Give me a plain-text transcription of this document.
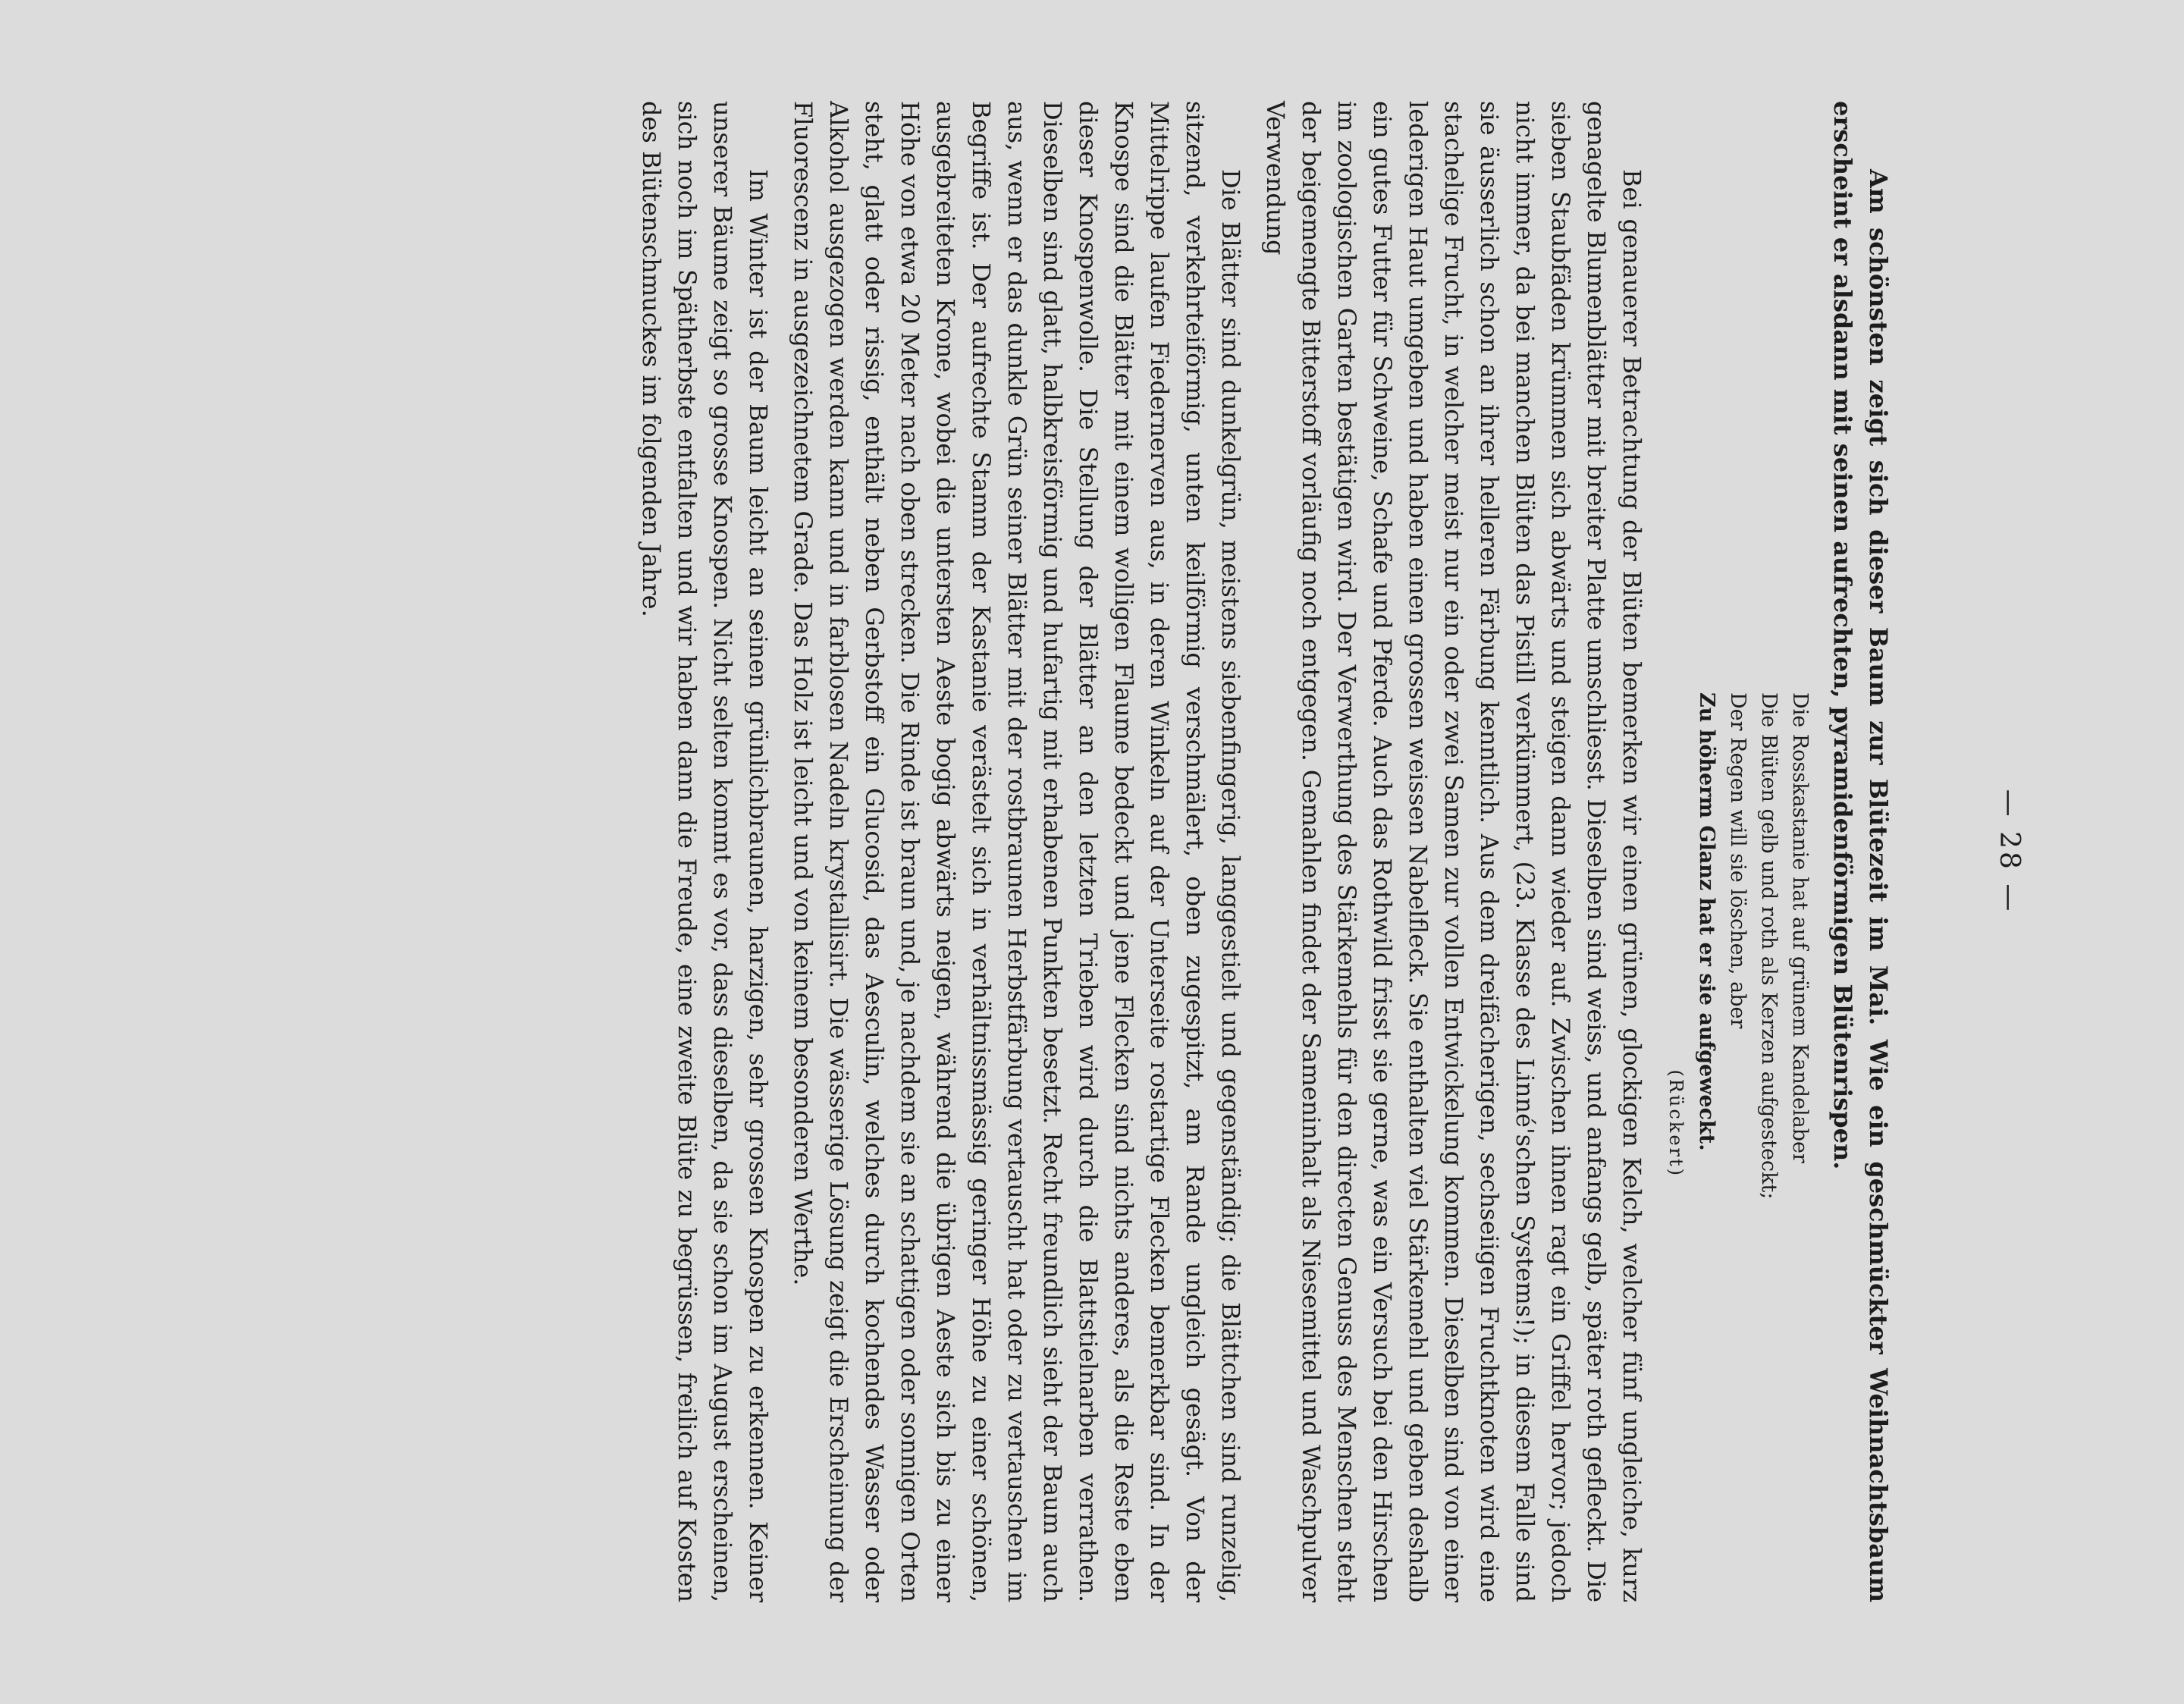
— 28 —

Am schönsten zeigt sich dieser Baum zur Blütezeit im Mai. Wie ein geschmückter Weihnachtsbaum erscheint er alsdann mit seinen aufrechten, pyramidenförmigen Blütenrispen.

Die Rosskastanie hat auf grünem Kandelaber
Die Blüten gelb und roth als Kerzen aufgesteckt;
Der Regen will sie löschen, aber
Zu höherm Glanz hat er sie aufgeweckt.
(Rückert)

Bei genauerer Betrachtung der Blüten bemerken wir einen grünen, glockigen Kelch, welcher fünf ungleiche, kurz genagelte Blumenblätter mit breiter Platte umschliesst. Dieselben sind weiss, und anfangs gelb, später roth gefleckt. Die sieben Staubfäden krümmen sich abwärts und steigen dann wieder auf. Zwischen ihnen ragt ein Griffel hervor; jedoch nicht immer, da bei manchen Blüten das Pistill verkümmert, (23. Klasse des Linné'schen Systems!); in diesem Falle sind sie äusserlich schon an ihrer helleren Färbung kenntlich. Aus dem dreifächerigen, sechseiigen Fruchtknoten wird eine stachelige Frucht, in welcher meist nur ein oder zwei Samen zur vollen Entwickelung kommen. Dieselben sind von einer lederigen Haut umgeben und haben einen grossen weissen Nabelfleck. Sie enthalten viel Stärkemehl und geben deshalb ein gutes Futter für Schweine, Schafe und Pferde. Auch das Rothwild frisst sie gerne, was ein Versuch bei den Hirschen im zoologischen Garten bestätigen wird. Der Verwerthung des Stärkemehls für den directen Genuss des Menschen steht der beigemengte Bitterstoff vorläufig noch entgegen. Gemahlen findet der Sameninhalt als Niesemittel und Waschpulver Verwendung

Die Blätter sind dunkelgrün, meistens siebenfingerig, langgestielt und gegenständig; die Blättchen sind runzelig, sitzend, verkehrteiförmig, unten keilförmig verschmälert, oben zugespitzt, am Rande ungleich gesägt. Von der Mittelrippe laufen Fiedernerven aus, in deren Winkeln auf der Unterseite rostartige Flecken bemerkbar sind. In der Knospe sind die Blätter mit einem wolligen Flaume bedeckt und jene Flecken sind nichts anderes, als die Reste eben dieser Knospenwolle. Die Stellung der Blätter an den letzten Trieben wird durch die Blattstielnarben verrathen. Dieselben sind glatt, halbkreisförmig und hufartig mit erhabenen Punkten besetzt. Recht freundlich sieht der Baum auch aus, wenn er das dunkle Grün seiner Blätter mit der rostbraunen Herbstfärbung vertauscht hat oder zu vertauschen im Begriffe ist. Der aufrechte Stamm der Kastanie verästelt sich in verhältnissmässig geringer Höhe zu einer schönen, ausgebreiteten Krone, wobei die untersten Aeste bogig abwärts neigen, während die übrigen Aeste sich bis zu einer Höhe von etwa 20 Meter nach oben strecken. Die Rinde ist braun und, je nachdem sie an schattigen oder sonnigen Orten steht, glatt oder rissig, enthält neben Gerbstoff ein Glucosid, das Aesculin, welches durch kochendes Wasser oder Alkohol ausgezogen werden kann und in farblosen Nadeln krystallisirt. Die wässerige Lösung zeigt die Erscheinung der Fluorescenz in ausgezeichnetem Grade. Das Holz ist leicht und von keinem besonderen Werthe.

Im Winter ist der Baum leicht an seinen grünlichbraunen, harzigen, sehr grossen Knospen zu erkennen. Keiner unserer Bäume zeigt so grosse Knospen. Nicht selten kommt es vor, dass dieselben, da sie schon im August erscheinen, sich noch im Spätherbste entfalten und wir haben dann die Freude, eine zweite Blüte zu begrüssen, freilich auf Kosten des Blütenschmuckes im folgenden Jahre.
